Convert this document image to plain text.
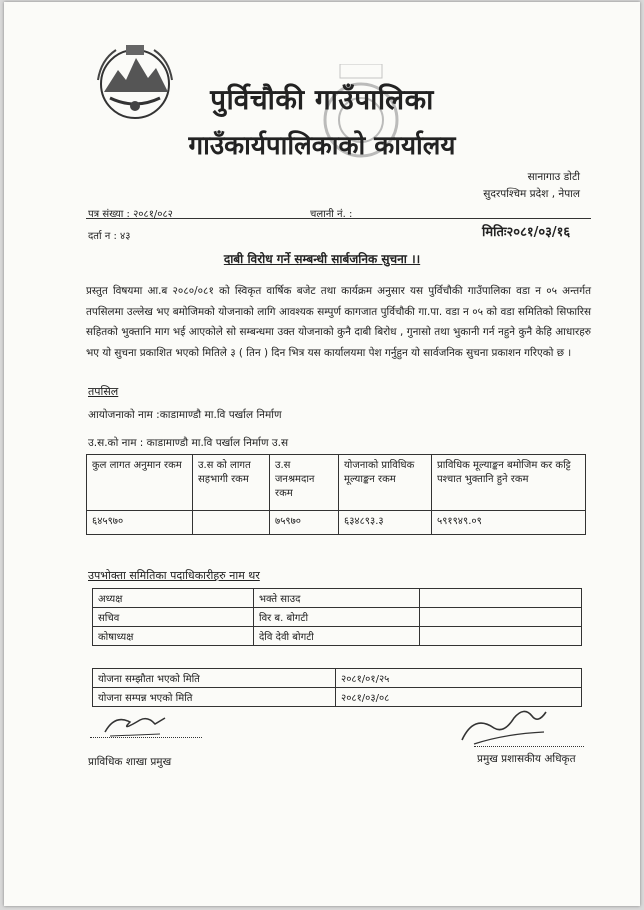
पुर्विचौकी गाउँपालिका
गाउँकार्यपालिकाको कार्यालय
सानागाउ डोटी
सुदरपश्चिम प्रदेश , नेपाल
पत्र संख्या : २०८१/०८२	चलानी नं. :
दर्ता न : ४३	मितिः२०८१/०३/१६
दाबी विरोध गर्ने सम्बन्धी सार्बजनिक सुचना ।।
प्रस्तुत विषयमा आ.ब २०८०/०८१ को स्विकृत वार्षिक बजेट तथा कार्यक्रम अनुसार यस पुर्विचौकी गाउँपालिका वडा न ०५ अन्तर्गत तपसिलमा उल्लेख भए बमोजिमको योजनाको लागि आवश्यक सम्पुर्ण कागजात पुर्विचौकी गा.पा. वडा न ०५ को वडा समितिको सिफारिस सहितको भुक्तानि माग भई आएकोले सो सम्बन्धमा उक्त योजनाको कुनै दाबी बिरोध , गुनासो तथा भुकानी गर्न नहुने कुनै केहि आधारहरु भए यो सुचना प्रकाशित भएको मितिले ३ ( तिन ) दिन भित्र यस कार्यालयमा पेश गर्नुहुन यो सार्वजनिक सुचना प्रकाशन गरिएको छ ।
तपसिल
आयोजनाको नाम :काडामाण्डौ मा.वि पर्खाल निर्माण
उ.स.को नाम : काडामाण्डौ मा.वि पर्खाल निर्माण उ.स
कुल लागत अनुमान रकम	उ.स को लागत सहभागी रकम	उ.स जनश्रमदान रकम	योजनाको प्राविधिक मूल्याङ्कन रकम	प्राविधिक मूल्याङ्कन बमोजिम कर कट्टि पश्चात भुक्तानि हुने रकम
६४५९७०		७५९७०	६३४८९३.३	५९१९४९.०९
उपभोक्ता समितिका पदाधिकारीहरु नाम थर
अध्यक्ष	भक्ते साउद	
सचिव	विर ब. बोगटी	
कोषाध्यक्ष	देवि देवी बोगटी	
योजना सम्झौता भएको मिति	२०८१/०१/२५
योजना सम्पन्न भएको मिति	२०८१/०३/०८
प्राविधिक शाखा प्रमुख	प्रमुख प्रशासकीय अधिकृत
